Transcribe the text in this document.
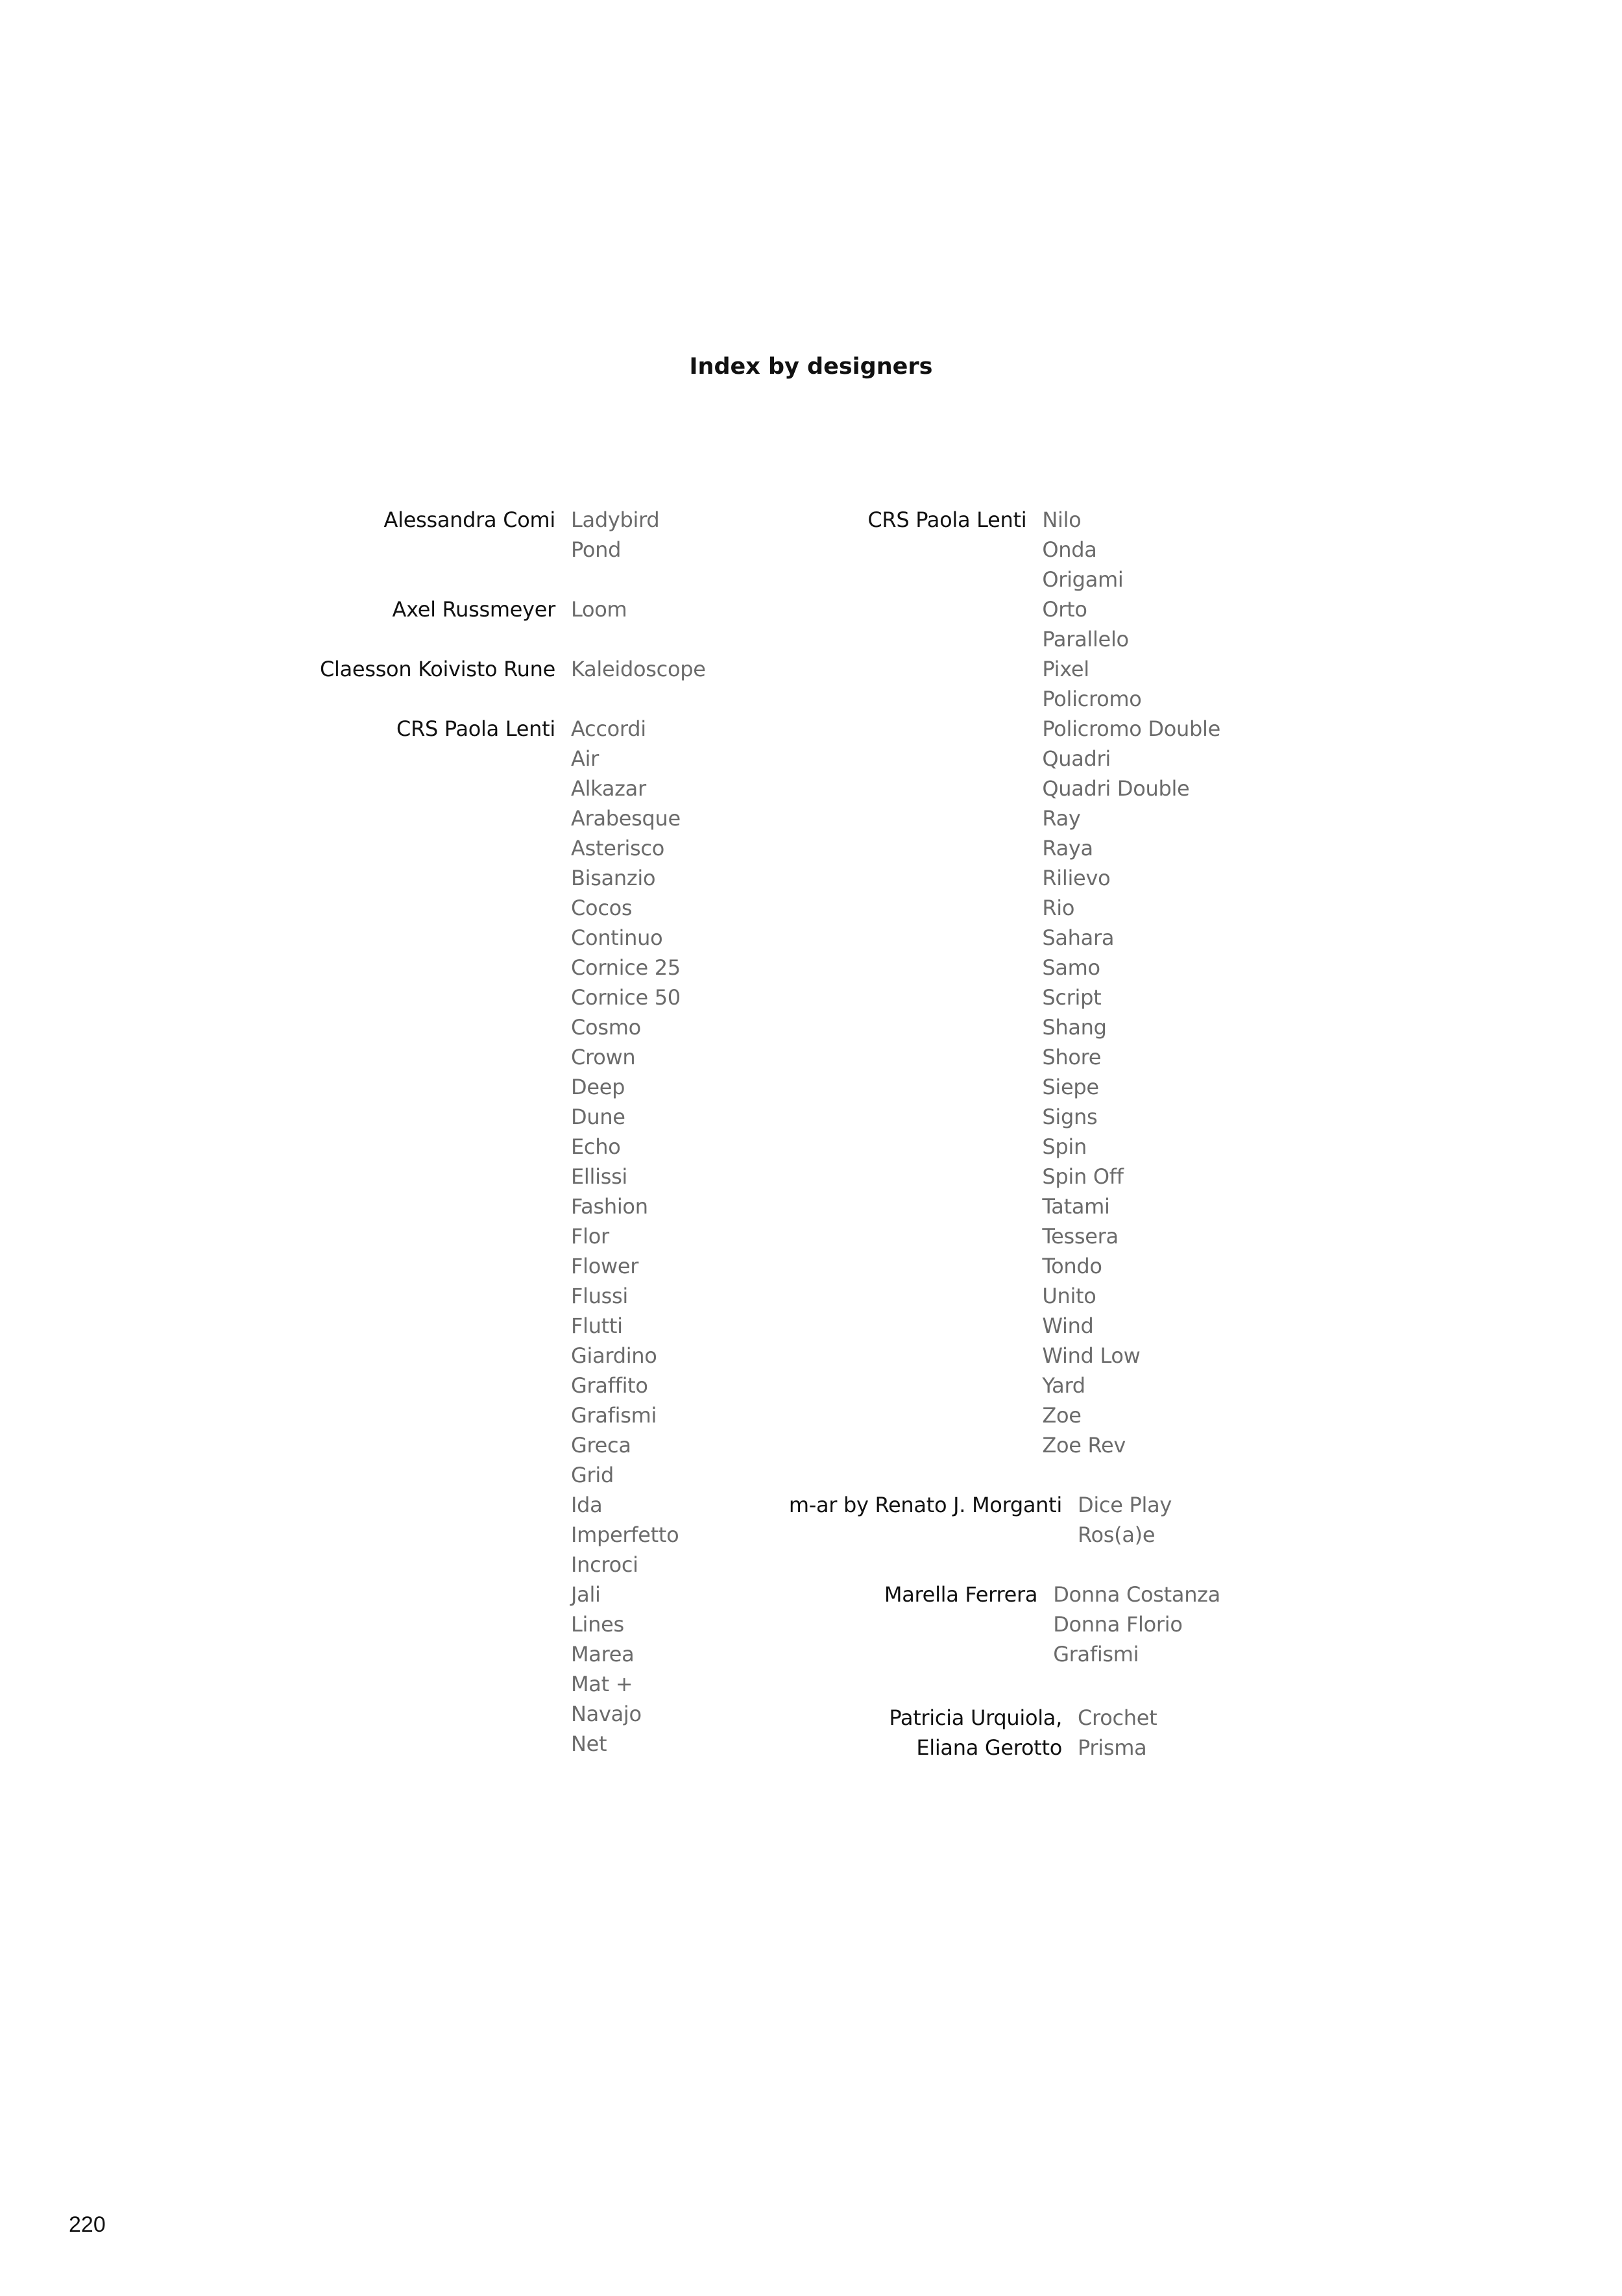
Index by designers
Alessandra Comi Ladybird
Pond
Axel Russmeyer Loom
Claesson Koivisto Rune Kaleidoscope
CRS Paola Lenti Accordi
Air
Alkazar
Arabesque
Asterisco
Bisanzio
Cocos
Continuo
Cornice 25
Cornice 50
Cosmo
Crown
Deep
Dune
Echo
Ellissi
Fashion
Flor
Flower
Flussi
Flutti
Giardino
Graffito
Grafismi
Greca
Grid
Ida
Imperfetto
Incroci
Jali
Lines
Marea
Mat +
Navajo
Net
CRS Paola Lenti Nilo
Onda
Origami
Orto
Parallelo
Pixel
Policromo
Policromo Double
Quadri
Quadri Double
Ray
Raya
Rilievo
Rio
Sahara
Samo
Script
Shang
Shore
Siepe
Signs
Spin
Spin Off
Tatami
Tessera
Tondo
Unito
Wind
Wind Low
Yard
Zoe
Zoe Rev
m-ar by Renato J. Morganti Dice Play
Ros(a)e
Marella Ferrera Donna Costanza
Donna Florio
Grafismi
Patricia Urquiola,
Eliana Gerotto
Crochet
Prisma
220
